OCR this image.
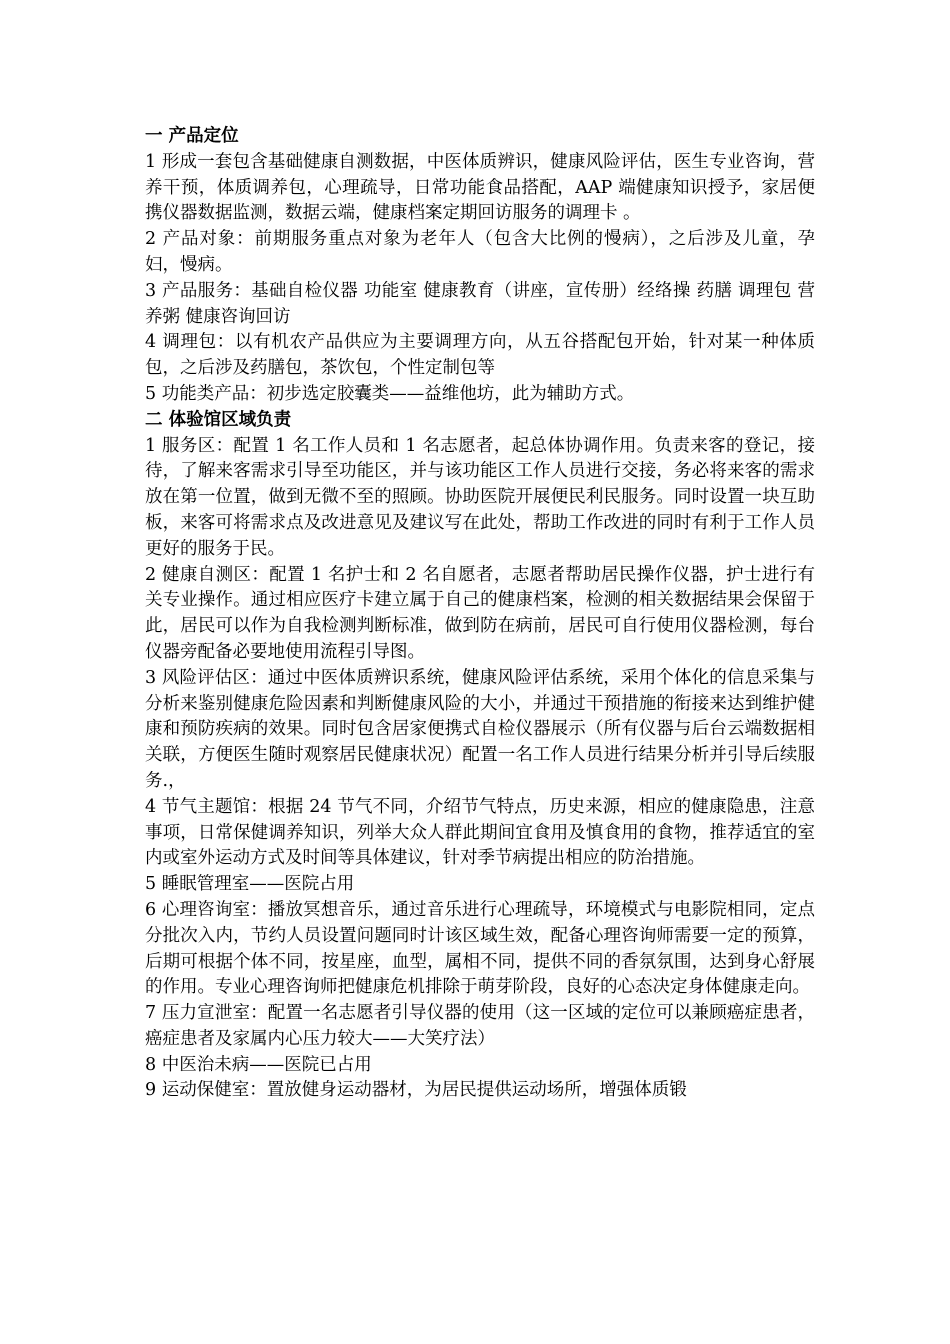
一 产品定位

1 形成一套包含基础健康自测数据，中医体质辨识，健康风险评估，医生专业咨询，营养干预，体质调养包，心理疏导，日常功能食品搭配，AAP 端健康知识授予，家居便携仪器数据监测，数据云端，健康档案定期回访服务的调理卡 。

2 产品对象：前期服务重点对象为老年人（包含大比例的慢病），之后涉及儿童，孕妇，慢病。

3 产品服务：基础自检仪器 功能室 健康教育（讲座，宣传册）经络操 药膳 调理包 营养粥 健康咨询回访

4 调理包：以有机农产品供应为主要调理方向，从五谷搭配包开始，针对某一种体质包，之后涉及药膳包，茶饮包，个性定制包等

5 功能类产品：初步选定胶囊类——益维他坊，此为辅助方式。

二 体验馆区域负责

1 服务区：配置 1 名工作人员和 1 名志愿者，起总体协调作用。负责来客的登记，接待，了解来客需求引导至功能区，并与该功能区工作人员进行交接，务必将来客的需求放在第一位置，做到无微不至的照顾。协助医院开展便民利民服务。同时设置一块互助板，来客可将需求点及改进意见及建议写在此处，帮助工作改进的同时有利于工作人员更好的服务于民。

2 健康自测区：配置 1 名护士和 2 名自愿者，志愿者帮助居民操作仪器，护士进行有关专业操作。通过相应医疗卡建立属于自己的健康档案，检测的相关数据结果会保留于此，居民可以作为自我检测判断标准，做到防在病前，居民可自行使用仪器检测，每台仪器旁配备必要地使用流程引导图。

3 风险评估区：通过中医体质辨识系统，健康风险评估系统，采用个体化的信息采集与分析来鉴别健康危险因素和判断健康风险的大小，并通过干预措施的衔接来达到维护健康和预防疾病的效果。同时包含居家便携式自检仪器展示（所有仪器与后台云端数据相关联，方便医生随时观察居民健康状况）配置一名工作人员进行结果分析并引导后续服务.，

4 节气主题馆：根据 24 节气不同，介绍节气特点，历史来源，相应的健康隐患，注意事项，日常保健调养知识，列举大众人群此期间宜食用及慎食用的食物，推荐适宜的室内或室外运动方式及时间等具体建议，针对季节病提出相应的防治措施。

5 睡眠管理室——医院占用

6 心理咨询室：播放冥想音乐，通过音乐进行心理疏导，环境模式与电影院相同，定点分批次入内，节约人员设置问题同时计该区域生效，配备心理咨询师需要一定的预算，后期可根据个体不同，按星座，血型，属相不同，提供不同的香氛氛围，达到身心舒展的作用。专业心理咨询师把健康危机排除于萌芽阶段，良好的心态决定身体健康走向。

7 压力宣泄室：配置一名志愿者引导仪器的使用（这一区域的定位可以兼顾癌症患者，癌症患者及家属内心压力较大——大笑疗法）

8 中医治未病——医院已占用

9 运动保健室：置放健身运动器材，为居民提供运动场所，增强体质锻
